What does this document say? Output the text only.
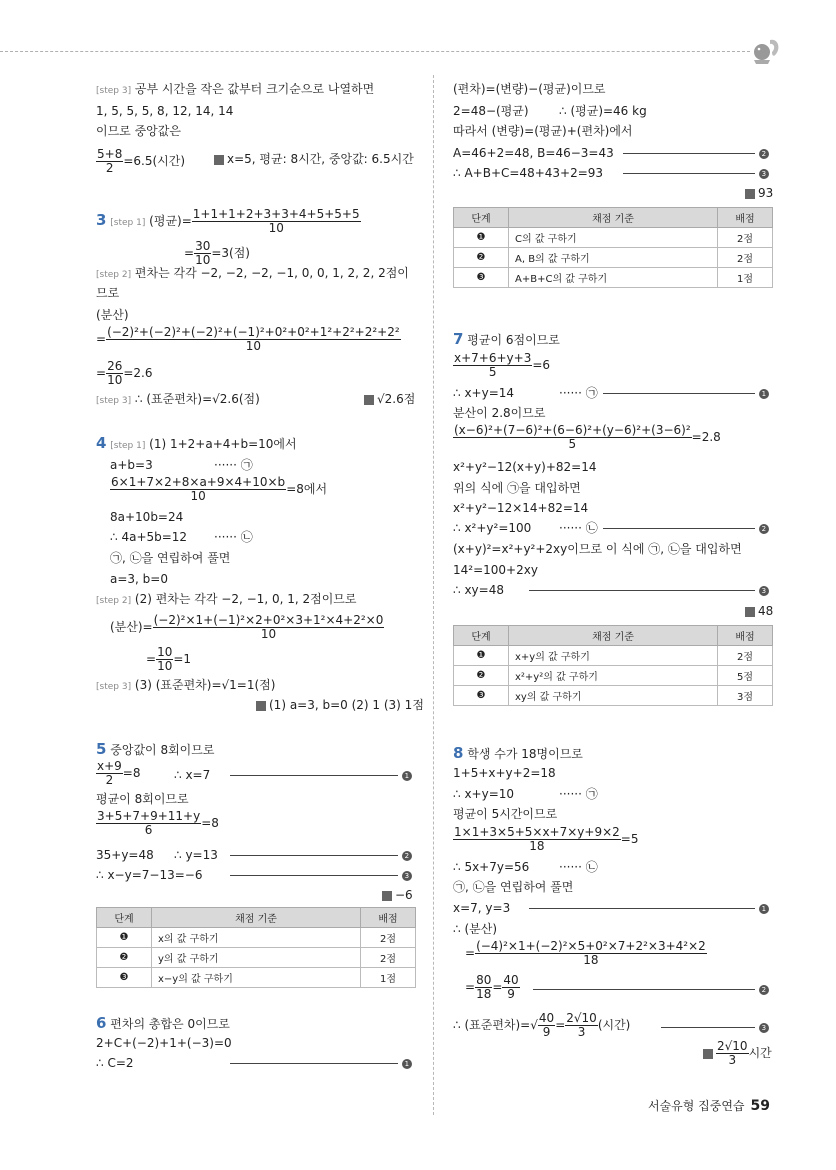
[step 3] 공부 시간을 작은 값부터 크기순으로 나열하면
1, 5, 5, 5, 8, 12, 14, 14
이므로 중앙값은
$\frac{5+8}{2} =6.5$(시간)	x=5, 평균: 8시간, 중앙값: 6.5시간
3 [step 1] (평균)= $\frac{1+1+1+2+3+3+4+5+5+5}{10}$
= $\frac{30}{10} =3$(점)
[step 2] 편차는 각각 −2, −2, −2, −1, 0, 0, 1, 2, 2, 2점이
므로
(분산)
= $\frac{\text{(−2)²+(−2)²+(−2)²+(−1)²+0²+0²+1²+2²+2²+2²}}{10}$
= $\frac{26}{10} =2.6$
[step 3] ∴ (표준편차)=√2.6(점)	√2.6점
4 [step 1] (1) 1+2+a+4+b=10에서
a+b=3	······ ㉠
$\frac{6\times 1+7\times 2+8\times a+9\times 4+10\times b}{10} =8$에서
8a+10b=24
∴ 4a+5b=12 ······ ㉡
㉠, ㉡을 연립하여 풀면
a=3, b=0
[step 2] (2) 편차는 각각 −2, −1, 0, 1, 2점이므로
(분산)= $\frac{\text{(−2)²×1+(−1)²×2+0²×3+1²×4+2²×0}}{10}$
= $\frac{10}{10} =1$
[step 3] (3) (표준편차)=√1=1(점)
(1) a=3, b=0 (2) 1 (3) 1점
5 중앙값이 8회이므로
$\frac{x+9}{2} =8$	∴ x=7	1
평균이 8회이므로
$\frac{3+5+7+9+11+y}{6} =8$
35+y=48 ∴ y=13	2
∴ x−y=7−13=−6	3
−6
6 편차의 총합은 0이므로
2+C+(−2)+1+(−3)=0
∴ C=2	1
단계	채점 기준	배점
❶	x의 값 구하기	2점
❷	y의 값 구하기	2점
❸	x−y의 값 구하기	1점
(편차)=(변량)−(평균)이므로
2=48−(평균)	∴ (평균)=46 kg
따라서 (변량)=(평균)+(편차)에서
A=46+2=48, B=46−3=43	2
∴ A+B+C=48+43+2=93	3
93
7 평균이 6점이므로
$\frac{x+7+6+y+3}{5} =6$
∴ x+y=14	······ ㉠	1
분산이 2.8이므로
$\frac{\text{(x−6)²+(7−6)²+(6−6)²+(y−6)²+(3−6)²}}{5} =2.8$
x²+y²−12(x+y)+82=14
위의 식에 ㉠을 대입하면
x²+y²−12×14+82=14
∴ x²+y²=100 ······ ㉡	2
(x+y)²=x²+y²+2xy이므로 이 식에 ㉠, ㉡을 대입하면
14²=100+2xy
∴ xy=48	3
48
8 학생 수가 18명이므로
1+5+x+y+2=18
∴ x+y=10	······ ㉠
평균이 5시간이므로
$\frac{1\times 1+3\times 5+5\times x+7\times y+9\times 2}{18} =5$
∴ 5x+7y=56 ······ ㉡
㉠, ㉡을 연립하여 풀면
x=7, y=3	1
∴ (분산)
= $\frac{\text{(−4)²×1+(−2)²×5+0²×7+2²×3+4²×2}}{18}$
= $\frac{80}{18} = \frac{40}{9}$	2
∴ (표준편차)=√ $\frac{40}{9} = \frac{2√10}{3}$ (시간)	3
$\frac{2√10}{3}$ 시간
단계	채점 기준	배점
❶	C의 값 구하기	2점
❷	A, B의 값 구하기	2점
❸	A+B+C의 값 구하기	1점
단계	채점 기준	배점
❶	x+y의 값 구하기	2점
❷	x²+y²의 값 구하기	5점
❸	xy의 값 구하기	3점
서술유형 집중연습 59
